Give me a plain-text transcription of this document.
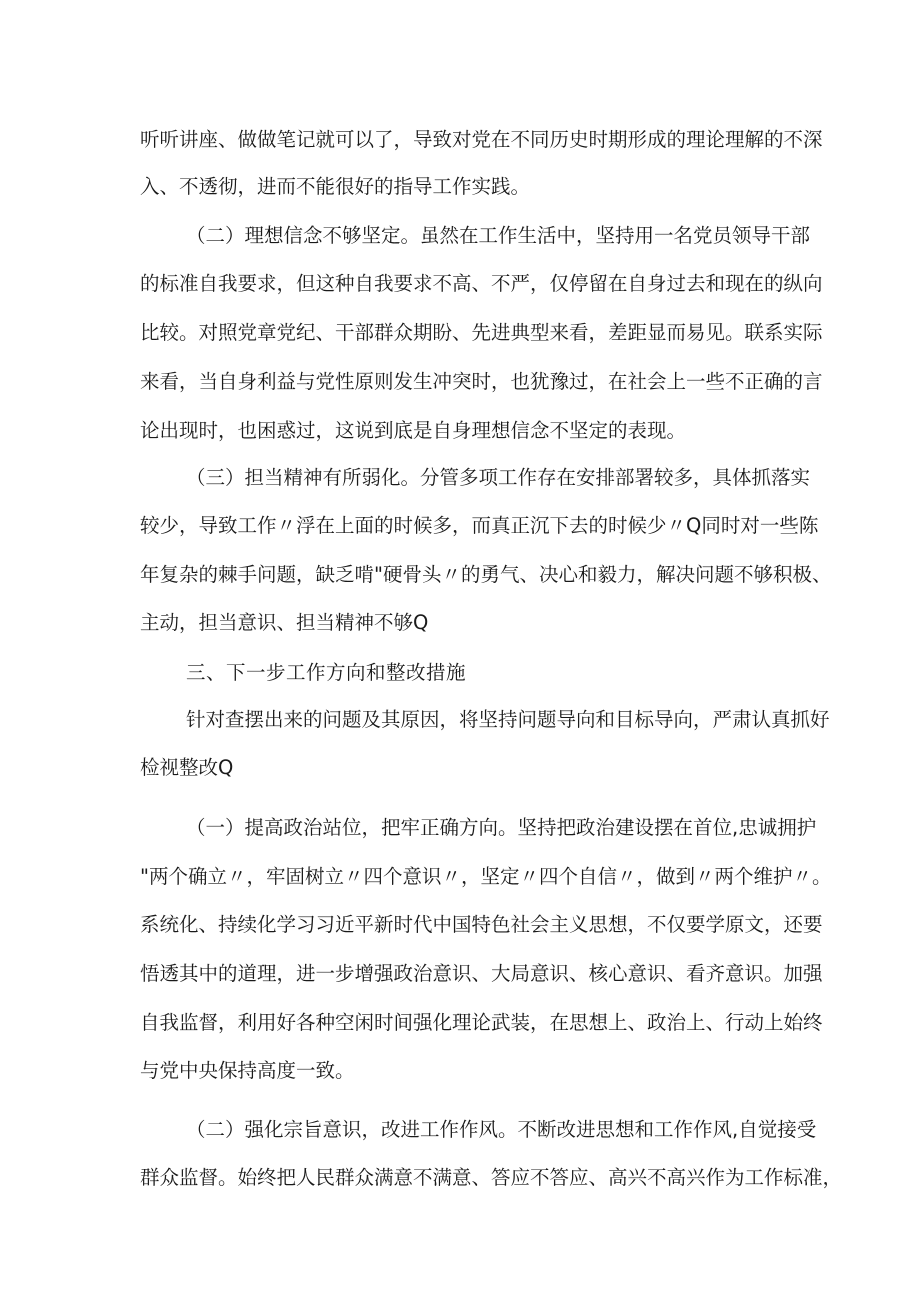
听听讲座、做做笔记就可以了，导致对党在不同历史时期形成的理论理解的不深
入、不透彻，进而不能很好的指导工作实践。
（二）理想信念不够坚定。虽然在工作生活中，坚持用一名党员领导干部
的标准自我要求，但这种自我要求不高、不严，仅停留在自身过去和现在的纵向
比较。对照党章党纪、干部群众期盼、先进典型来看，差距显而易见。联系实际
来看，当自身利益与党性原则发生冲突时，也犹豫过，在社会上一些不正确的言
论出现时，也困惑过，这说到底是自身理想信念不坚定的表现。
（三）担当精神有所弱化。分管多项工作存在安排部署较多，具体抓落实
较少，导致工作〃浮在上面的时候多，而真正沉下去的时候少〃Q同时对一些陈
年复杂的棘手问题，缺乏啃"硬骨头〃的勇气、决心和毅力，解决问题不够积极、
主动，担当意识、担当精神不够Q
三、下一步工作方向和整改措施
针对查摆出来的问题及其原因，将坚持问题导向和目标导向，严肃认真抓好
检视整改Q
（一）提高政治站位，把牢正确方向。坚持把政治建设摆在首位,忠诚拥护
"两个确立〃，牢固树立〃四个意识〃，坚定〃四个自信〃，做到〃两个维护〃。
系统化、持续化学习习近平新时代中国特色社会主义思想，不仅要学原文，还要
悟透其中的道理，进一步增强政治意识、大局意识、核心意识、看齐意识。加强
自我监督，利用好各种空闲时间强化理论武装，在思想上、政治上、行动上始终
与党中央保持高度一致。
（二）强化宗旨意识，改进工作作风。不断改进思想和工作作风,自觉接受
群众监督。始终把人民群众满意不满意、答应不答应、高兴不高兴作为工作标准，
